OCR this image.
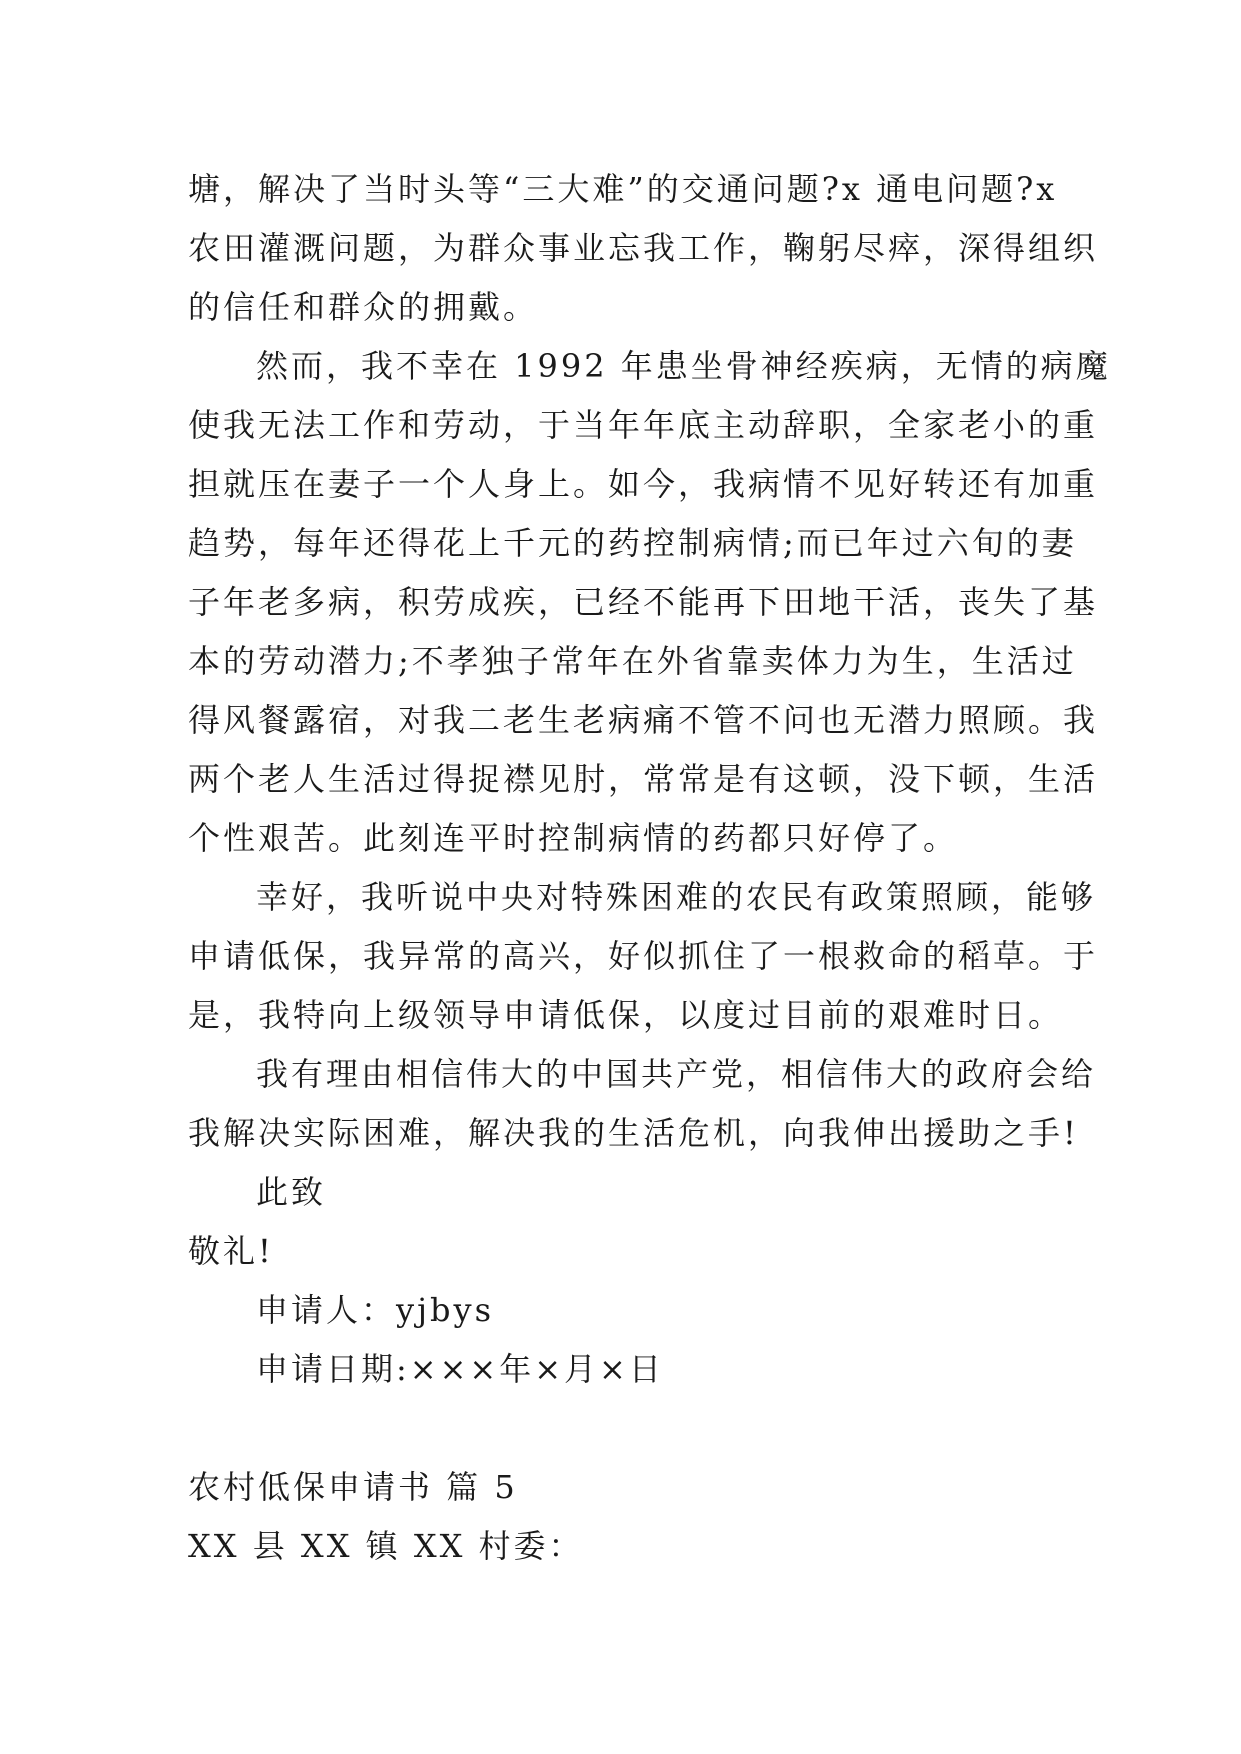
塘，解决了当时头等“三大难”的交通问题?x 通电问题?x
农田灌溉问题，为群众事业忘我工作，鞠躬尽瘁，深得组织
的信任和群众的拥戴。
然而，我不幸在 1992 年患坐骨神经疾病，无情的病魔
使我无法工作和劳动，于当年年底主动辞职，全家老小的重
担就压在妻子一个人身上。如今，我病情不见好转还有加重
趋势，每年还得花上千元的药控制病情;而已年过六旬的妻
子年老多病，积劳成疾，已经不能再下田地干活，丧失了基
本的劳动潜力;不孝独子常年在外省靠卖体力为生，生活过
得风餐露宿，对我二老生老病痛不管不问也无潜力照顾。我
两个老人生活过得捉襟见肘，常常是有这顿，没下顿，生活
个性艰苦。此刻连平时控制病情的药都只好停了。
幸好，我听说中央对特殊困难的农民有政策照顾，能够
申请低保，我异常的高兴，好似抓住了一根救命的稻草。于
是，我特向上级领导申请低保，以度过目前的艰难时日。
我有理由相信伟大的中国共产党，相信伟大的政府会给
我解决实际困难，解决我的生活危机，向我伸出援助之手!
此致
敬礼!
申请人：yjbys
申请日期:×××年×月×日
农村低保申请书 篇 5
XX 县 XX 镇 XX 村委：
